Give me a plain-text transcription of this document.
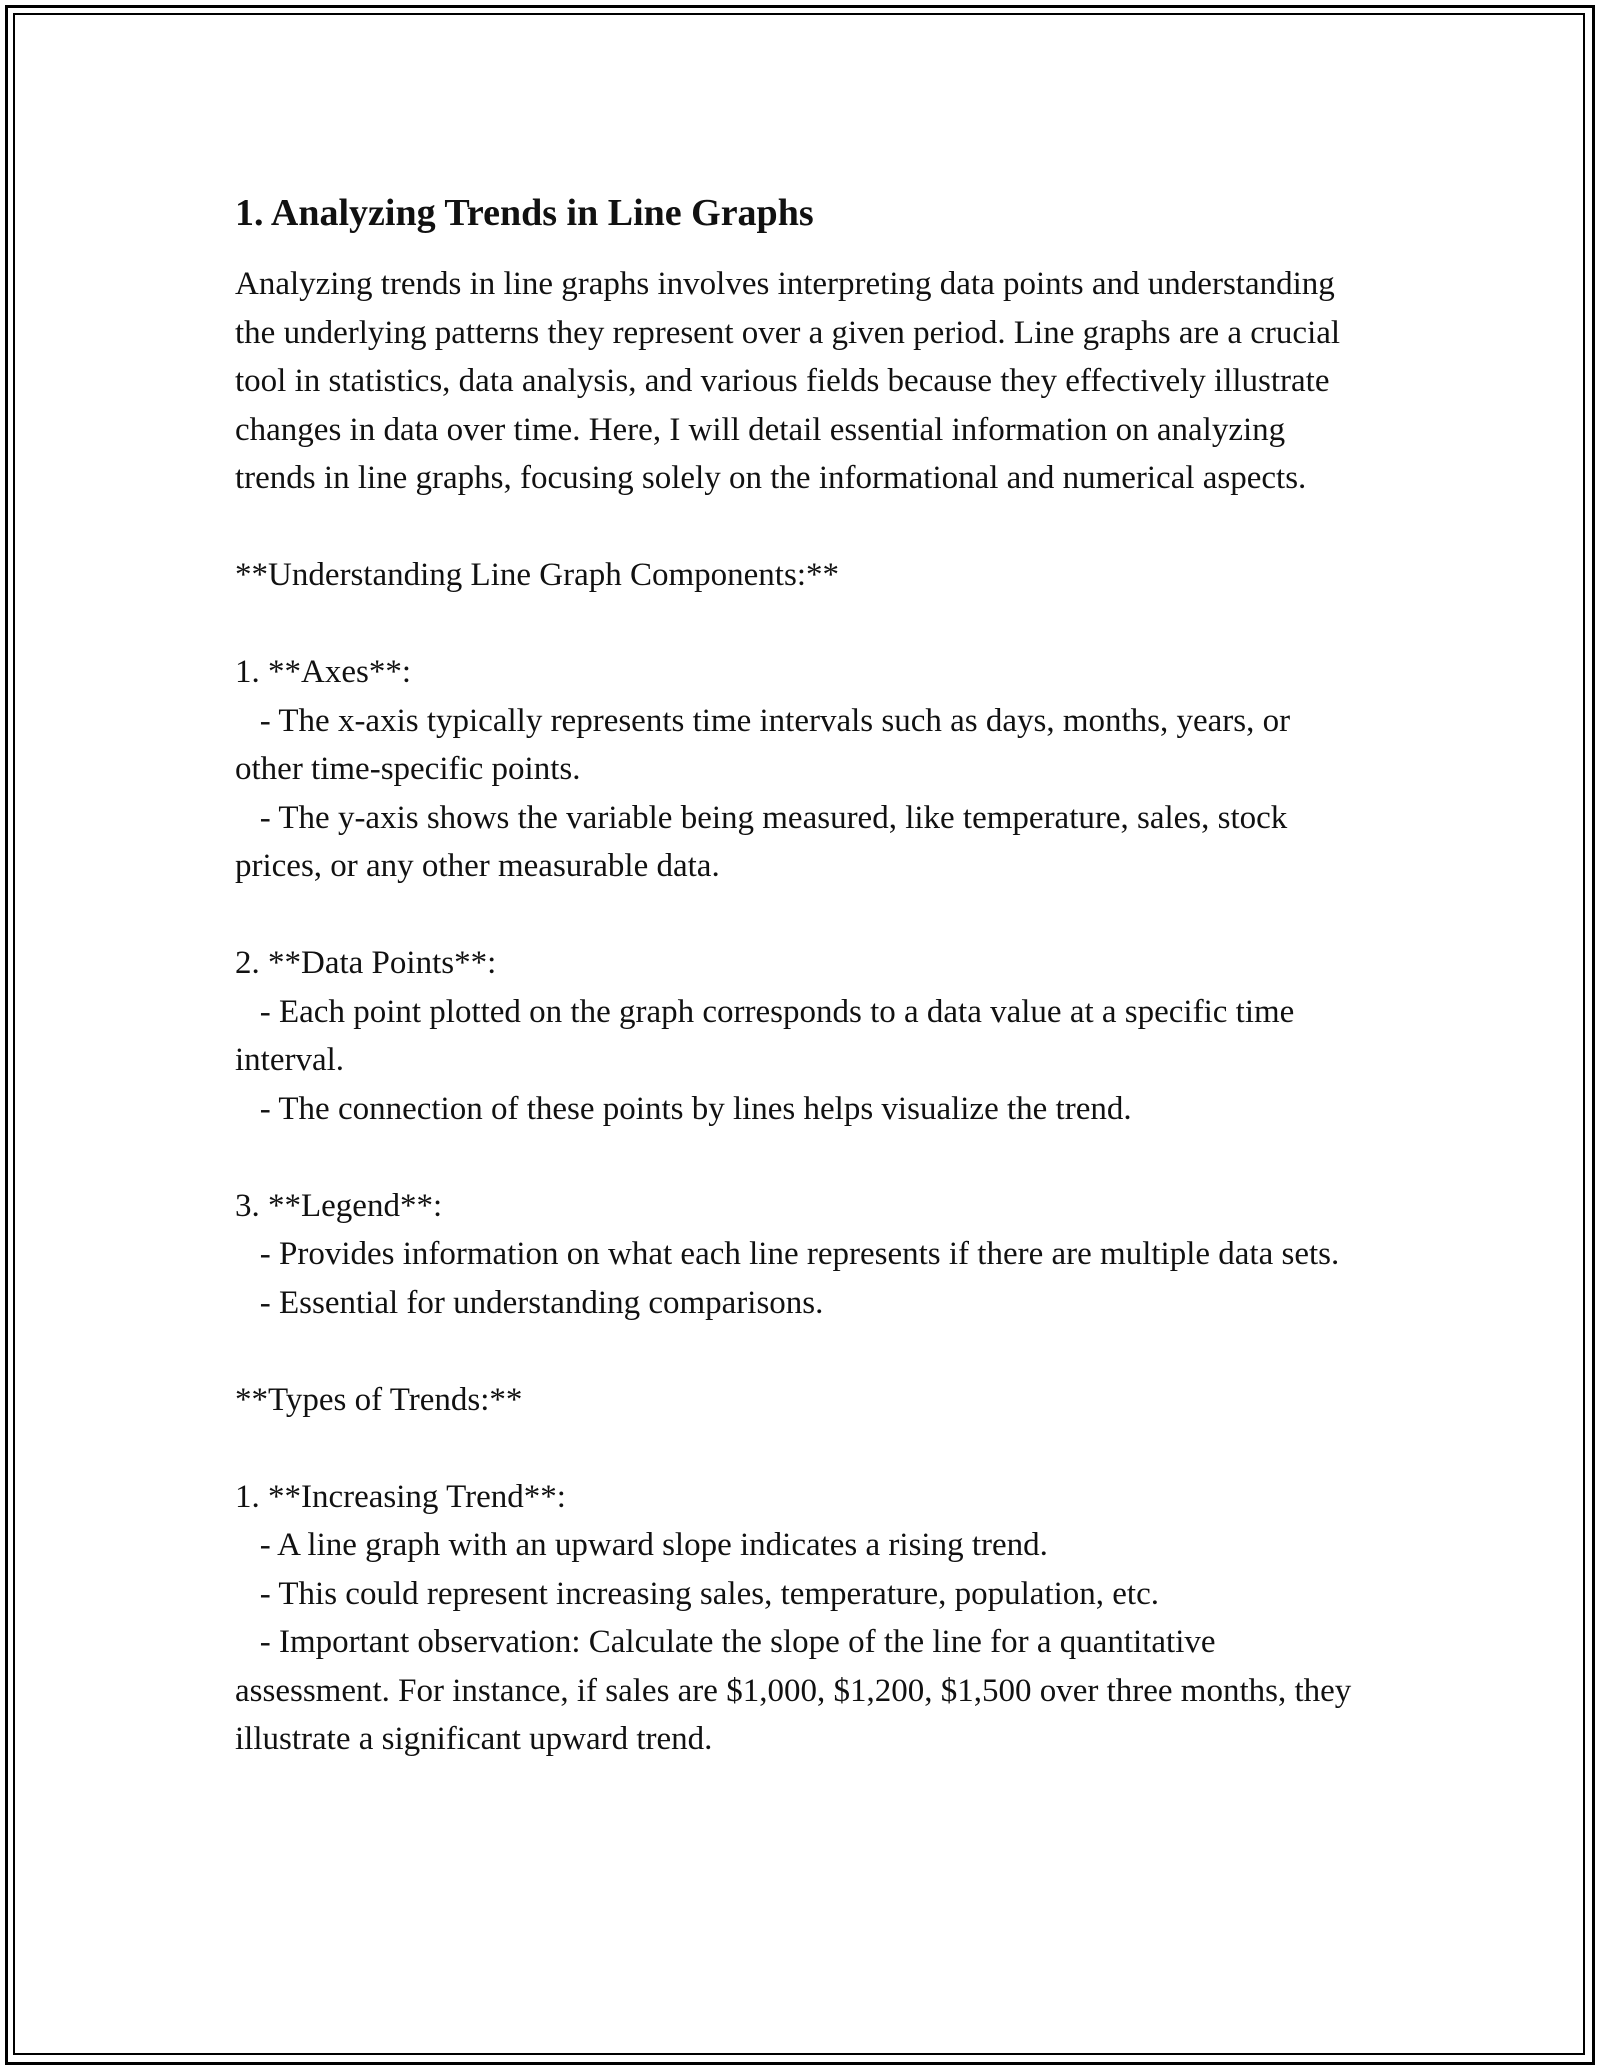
1. Analyzing Trends in Line Graphs

Analyzing trends in line graphs involves interpreting data points and understanding the underlying patterns they represent over a given period. Line graphs are a crucial tool in statistics, data analysis, and various fields because they effectively illustrate changes in data over time. Here, I will detail essential information on analyzing trends in line graphs, focusing solely on the informational and numerical aspects.

**Understanding Line Graph Components:**

1. **Axes**:

- The x-axis typically represents time intervals such as days, months, years, or other time-specific points.

- The y-axis shows the variable being measured, like temperature, sales, stock prices, or any other measurable data.

2. **Data Points**:

- Each point plotted on the graph corresponds to a data value at a specific time interval.

- The connection of these points by lines helps visualize the trend.

3. **Legend**:

- Provides information on what each line represents if there are multiple data sets.

- Essential for understanding comparisons.

**Types of Trends:**

1. **Increasing Trend**:

- A line graph with an upward slope indicates a rising trend.

- This could represent increasing sales, temperature, population, etc.

- Important observation: Calculate the slope of the line for a quantitative assessment. For instance, if sales are $1,000, $1,200, $1,500 over three months, they illustrate a significant upward trend.
